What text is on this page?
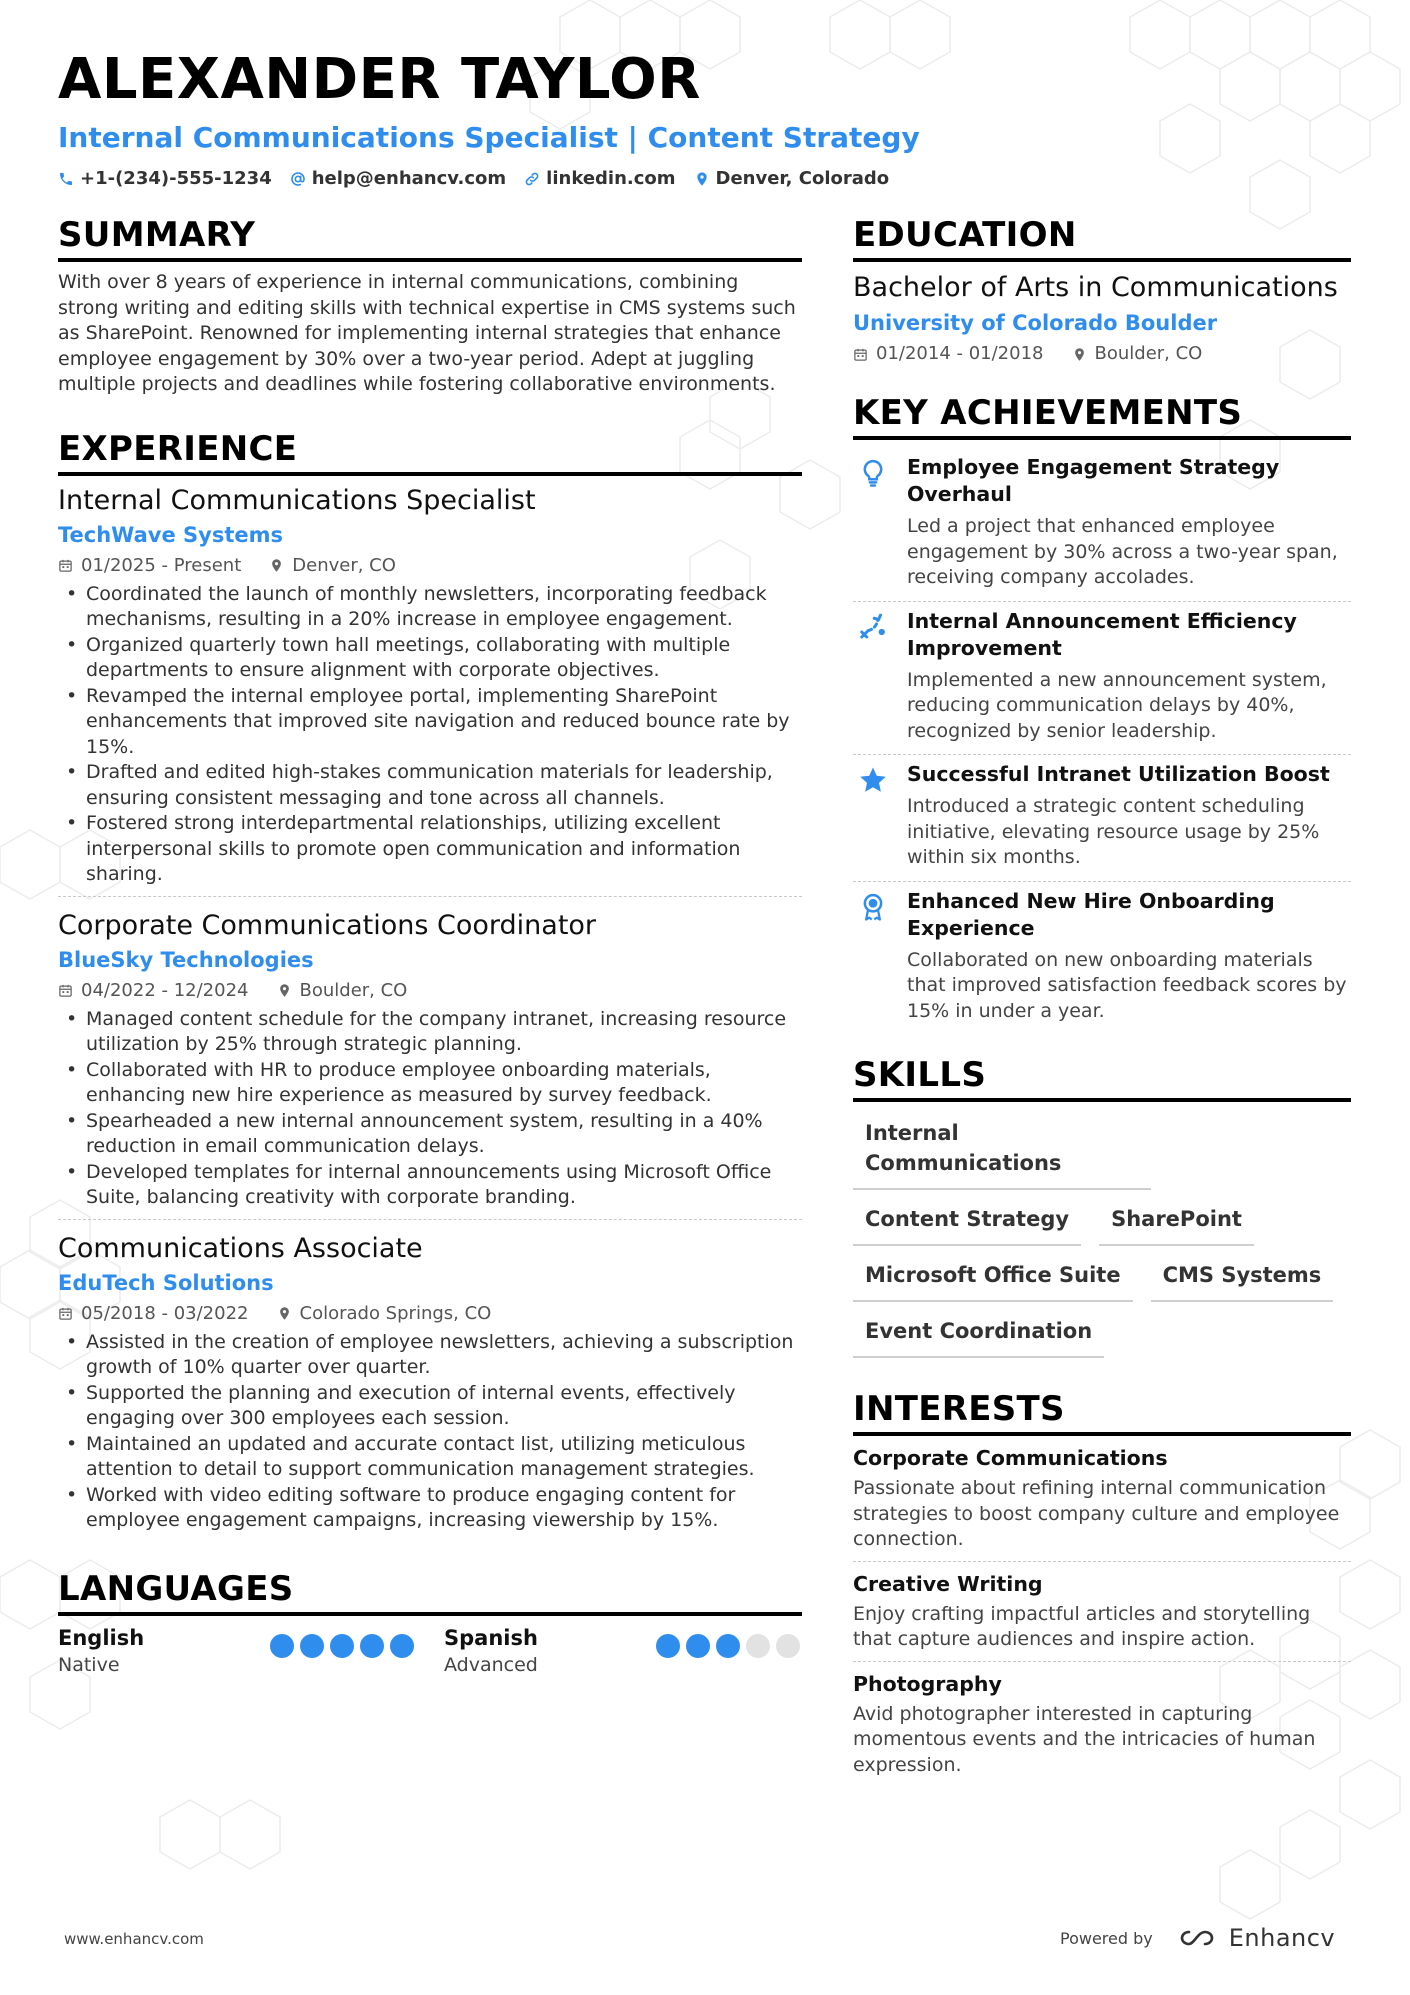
ALEXANDER TAYLOR
Internal Communications Specialist | Content Strategy
+1-(234)-555-1234 help@enhancv.com linkedin.com Denver, Colorado
SUMMARY
With over 8 years of experience in internal communications, combining strong writing and editing skills with technical expertise in CMS systems such as SharePoint. Renowned for implementing internal strategies that enhance employee engagement by 30% over a two-year period. Adept at juggling multiple projects and deadlines while fostering collaborative environments.
EXPERIENCE
Internal Communications Specialist
TechWave Systems
01/2025 - Present	Denver, CO
• Coordinated the launch of monthly newsletters, incorporating feedback mechanisms, resulting in a 20% increase in employee engagement.
• Organized quarterly town hall meetings, collaborating with multiple departments to ensure alignment with corporate objectives.
• Revamped the internal employee portal, implementing SharePoint enhancements that improved site navigation and reduced bounce rate by 15%.
• Drafted and edited high-stakes communication materials for leadership, ensuring consistent messaging and tone across all channels.
• Fostered strong interdepartmental relationships, utilizing excellent interpersonal skills to promote open communication and information sharing.
Corporate Communications Coordinator
BlueSky Technologies
04/2022 - 12/2024	Boulder, CO
• Managed content schedule for the company intranet, increasing resource utilization by 25% through strategic planning.
• Collaborated with HR to produce employee onboarding materials, enhancing new hire experience as measured by survey feedback.
• Spearheaded a new internal announcement system, resulting in a 40% reduction in email communication delays.
• Developed templates for internal announcements using Microsoft Office Suite, balancing creativity with corporate branding.
Communications Associate
EduTech Solutions
05/2018 - 03/2022	Colorado Springs, CO
• Assisted in the creation of employee newsletters, achieving a subscription growth of 10% quarter over quarter.
• Supported the planning and execution of internal events, effectively engaging over 300 employees each session.
• Maintained an updated and accurate contact list, utilizing meticulous attention to detail to support communication management strategies.
• Worked with video editing software to produce engaging content for employee engagement campaigns, increasing viewership by 15%.
LANGUAGES
English
Native
Spanish
Advanced
EDUCATION
Bachelor of Arts in Communications
University of Colorado Boulder
01/2014 - 01/2018	Boulder, CO
KEY ACHIEVEMENTS
Employee Engagement Strategy Overhaul
Led a project that enhanced employee engagement by 30% across a two-year span, receiving company accolades.
Internal Announcement Efficiency Improvement
Implemented a new announcement system, reducing communication delays by 40%, recognized by senior leadership.
Successful Intranet Utilization Boost
Introduced a strategic content scheduling initiative, elevating resource usage by 25% within six months.
Enhanced New Hire Onboarding Experience
Collaborated on new onboarding materials that improved satisfaction feedback scores by 15% in under a year.
SKILLS
Internal Communications
Content Strategy	SharePoint
Microsoft Office Suite	CMS Systems
Event Coordination
INTERESTS
Corporate Communications
Passionate about refining internal communication strategies to boost company culture and employee connection.
Creative Writing
Enjoy crafting impactful articles and storytelling that capture audiences and inspire action.
Photography
Avid photographer interested in capturing momentous events and the intricacies of human expression.
www.enhancv.com	Powered by	Enhancv
